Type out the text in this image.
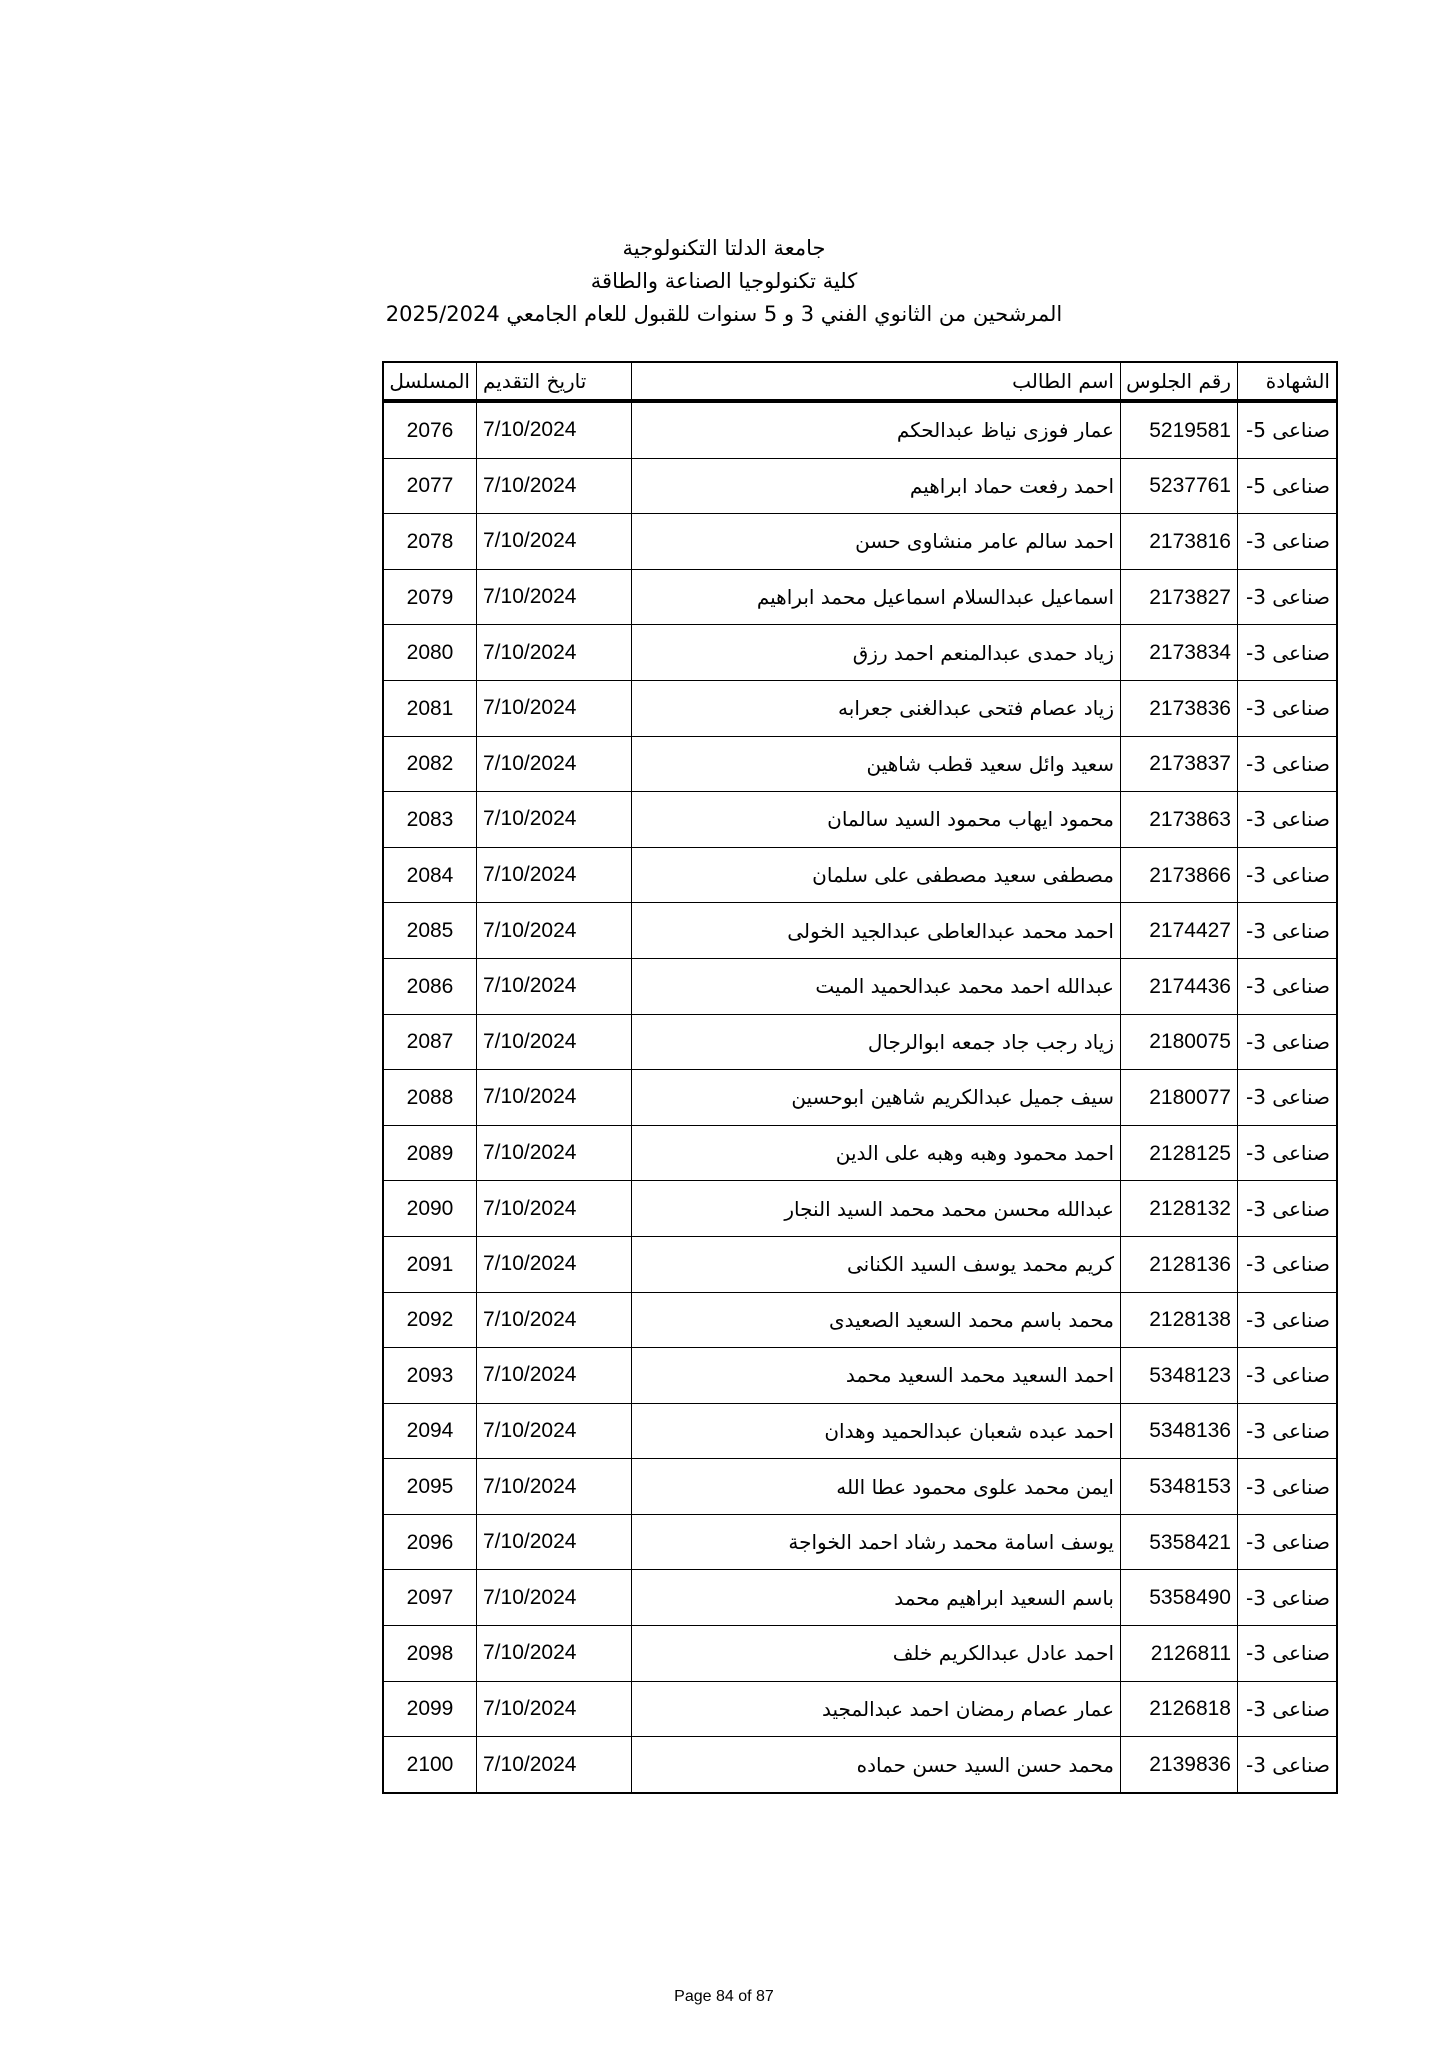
جامعة الدلتا التكنولوجية
كلية تكنولوجيا الصناعة والطاقة
المرشحين من الثانوي الفني 3 و 5 سنوات للقبول للعام الجامعي 2025/2024
الشهادة	رقم الجلوس	اسم الطالب	تاريخ التقديم	المسلسل
صناعى 5-	5219581	عمار فوزى نياظ عبدالحكم	7/10/2024	2076
صناعى 5-	5237761	احمد رفعت حماد ابراهيم	7/10/2024	2077
صناعى 3-	2173816	احمد سالم عامر منشاوى حسن	7/10/2024	2078
صناعى 3-	2173827	اسماعيل عبدالسلام اسماعيل محمد ابراهيم	7/10/2024	2079
صناعى 3-	2173834	زياد حمدى عبدالمنعم احمد رزق	7/10/2024	2080
صناعى 3-	2173836	زياد عصام فتحى عبدالغنى جعرابه	7/10/2024	2081
صناعى 3-	2173837	سعيد وائل سعيد قطب شاهين	7/10/2024	2082
صناعى 3-	2173863	محمود ايهاب محمود السيد سالمان	7/10/2024	2083
صناعى 3-	2173866	مصطفى سعيد مصطفى على سلمان	7/10/2024	2084
صناعى 3-	2174427	احمد محمد عبدالعاطى عبدالجيد الخولى	7/10/2024	2085
صناعى 3-	2174436	عبدالله احمد محمد عبدالحميد الميت	7/10/2024	2086
صناعى 3-	2180075	زياد رجب جاد جمعه ابوالرجال	7/10/2024	2087
صناعى 3-	2180077	سيف جميل عبدالكريم شاهين ابوحسين	7/10/2024	2088
صناعى 3-	2128125	احمد محمود وهبه وهبه على الدين	7/10/2024	2089
صناعى 3-	2128132	عبدالله محسن محمد محمد السيد النجار	7/10/2024	2090
صناعى 3-	2128136	كريم محمد يوسف السيد الكنانى	7/10/2024	2091
صناعى 3-	2128138	محمد باسم محمد السعيد الصعيدى	7/10/2024	2092
صناعى 3-	5348123	احمد السعيد محمد السعيد محمد	7/10/2024	2093
صناعى 3-	5348136	احمد عبده شعبان عبدالحميد وهدان	7/10/2024	2094
صناعى 3-	5348153	ايمن محمد علوى محمود عطا الله	7/10/2024	2095
صناعى 3-	5358421	يوسف اسامة محمد رشاد احمد الخواجة	7/10/2024	2096
صناعى 3-	5358490	باسم السعيد ابراهيم محمد	7/10/2024	2097
صناعى 3-	2126811	احمد عادل عبدالكريم خلف	7/10/2024	2098
صناعى 3-	2126818	عمار عصام رمضان احمد عبدالمجيد	7/10/2024	2099
صناعى 3-	2139836	محمد حسن السيد حسن حماده	7/10/2024	2100
Page 84 of 87
